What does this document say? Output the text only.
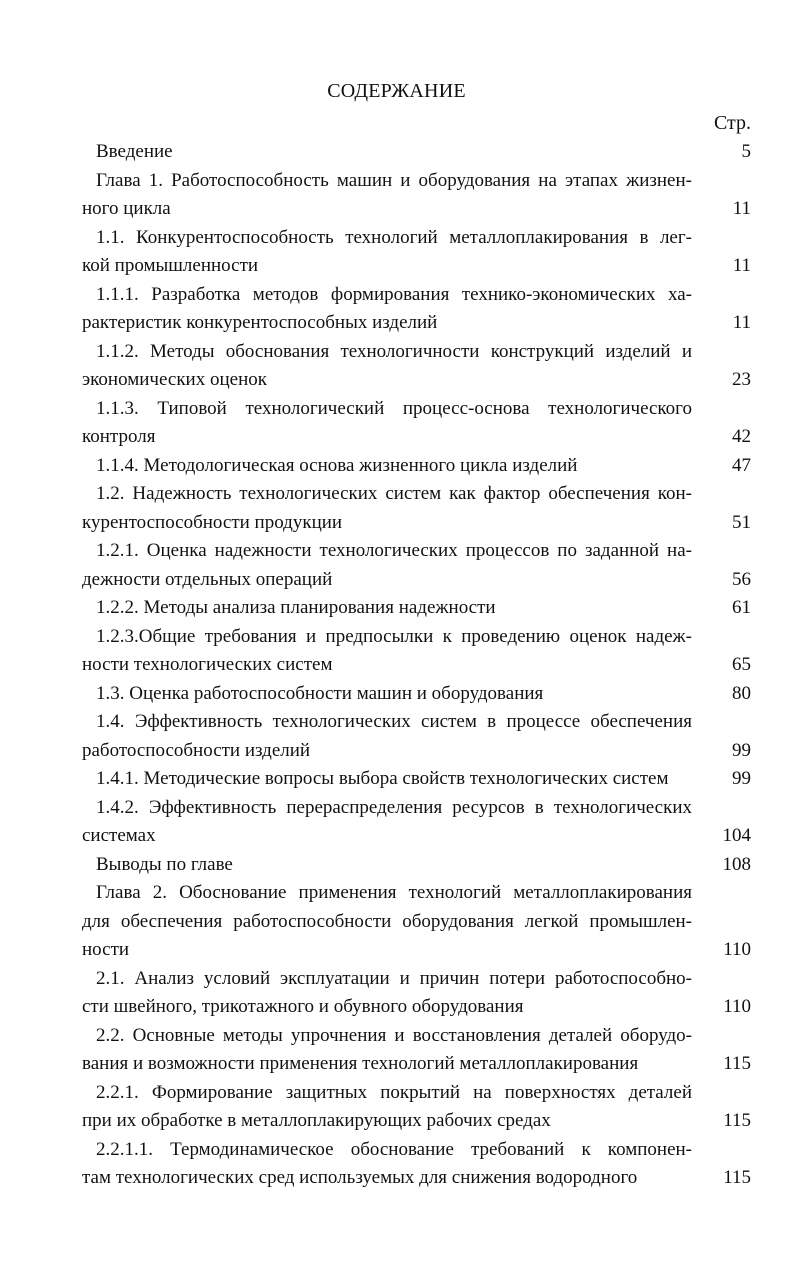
СОДЕРЖАНИЕ
Стр.
Введение	5
Глава 1. Работоспособность машин и оборудования на этапах жизнен-
ного цикла	11
1.1. Конкурентоспособность технологий металлоплакирования в лег-
кой промышленности	11
1.1.1. Разработка методов формирования технико-экономических ха-
рактеристик конкурентоспособных изделий	11
1.1.2. Методы обоснования технологичности конструкций изделий и
экономических оценок	23
1.1.3. Типовой технологический процесс-основа технологического
контроля	42
1.1.4. Методологическая основа жизненного цикла изделий	47
1.2. Надежность технологических систем как фактор обеспечения кон-
курентоспособности продукции	51
1.2.1. Оценка надежности технологических процессов по заданной на-
дежности отдельных операций	56
1.2.2. Методы анализа планирования надежности	61
1.2.3.Общие требования и предпосылки к проведению оценок надеж-
ности технологических систем	65
1.3. Оценка работоспособности машин и оборудования	80
1.4. Эффективность технологических систем в процессе обеспечения
работоспособности изделий	99
1.4.1. Методические вопросы выбора свойств технологических систем	99
1.4.2. Эффективность перераспределения ресурсов в технологических
системах	104
Выводы по главе	108
Глава 2. Обоснование применения технологий металлоплакирования
для обеспечения работоспособности оборудования легкой промышлен-
ности	110
2.1. Анализ условий эксплуатации и причин потери работоспособно-
сти швейного, трикотажного и обувного оборудования	110
2.2. Основные методы упрочнения и восстановления деталей оборудо-
вания и возможности применения технологий металлоплакирования	115
2.2.1. Формирование защитных покрытий на поверхностях деталей
при их обработке в металлоплакирующих рабочих средах	115
2.2.1.1. Термодинамическое обоснование требований к компонен-
там технологических сред используемых для снижения водородного	115
